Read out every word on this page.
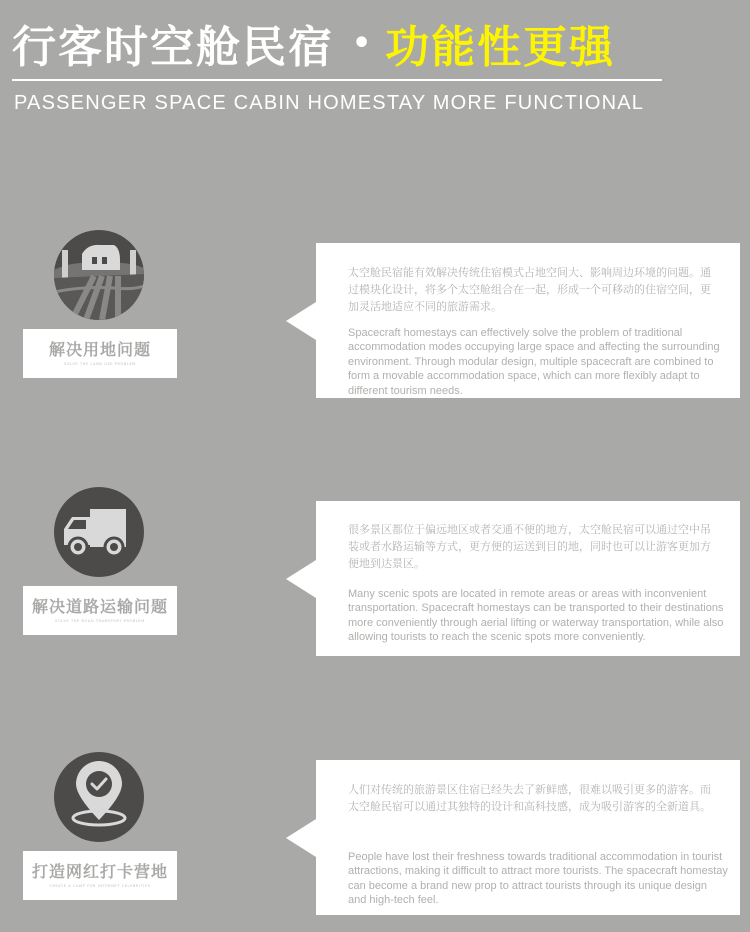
行客时空舱民宿 • 功能性更强
PASSENGER SPACE CABIN HOMESTAY MORE FUNCTIONAL
解决用地问题
SOLVE THE LAND USE PROBLEM
太空舱民宿能有效解决传统住宿模式占地空间大、影响周边环境的问题。通过模块化设计，将多个太空舱组合在一起，形成一个可移动的住宿空间，更加灵活地适应不同的旅游需求。
Spacecraft homestays can effectively solve the problem of traditional accommodation modes occupying large space and affecting the surrounding environment. Through modular design, multiple spacecraft are combined to form a movable accommodation space, which can more flexibly adapt to different tourism needs.
解决道路运输问题
SOLVE THE ROAD TRANSPORT PROBLEM
很多景区都位于偏远地区或者交通不便的地方，太空舱民宿可以通过空中吊装或者水路运输等方式，更方便的运送到目的地，同时也可以让游客更加方便地到达景区。
Many scenic spots are located in remote areas or areas with inconvenient transportation. Spacecraft homestays can be transported to their destinations more conveniently through aerial lifting or waterway transportation, while also allowing tourists to reach the scenic spots more conveniently.
打造网红打卡营地
CREATE A CAMP FOR INTERNET CELEBRITIES
人们对传统的旅游景区住宿已经失去了新鲜感，很难以吸引更多的游客。而太空舱民宿可以通过其独特的设计和高科技感，成为吸引游客的全新道具。
People have lost their freshness towards traditional accommodation in tourist attractions, making it difficult to attract more tourists. The spacecraft homestay can become a brand new prop to attract tourists through its unique design and high-tech feel.
